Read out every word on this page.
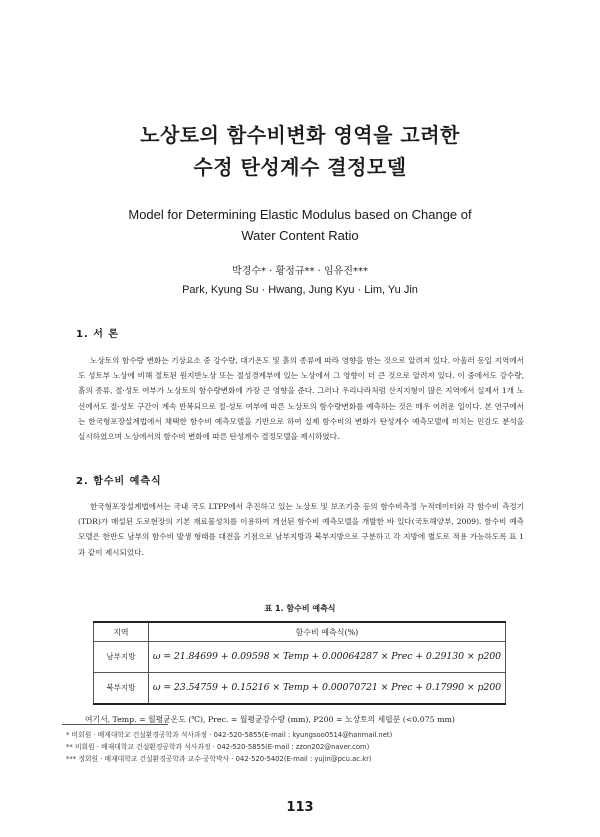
노상토의 함수비변화 영역을 고려한
수정 탄성계수 결정모델
Model for Determining Elastic Modulus based on Change of
Water Content Ratio
박경수* · 황정규** · 임유진***
Park, Kyung Su · Hwang, Jung Kyu · Lim, Yu Jin
1. 서 론
노상토의 함수량 변화는 기상요소 중 강수량, 대기온도 및 흙의 종류에 따라 영향을 받는 것으로 알려져 있다. 아울러 동일 지역에서도 성토부 노상에 비해 절토된 원지반노상 또는 절성경계부에 있는 노상에서 그 영향이 더 큰 것으로 알려져 있다. 이 중에서도 강수량, 흙의 종류, 절·성토 여부가 노상토의 함수량변화에 가장 큰 영향을 준다. 그러나 우리나라처럼 산지지형이 많은 지역에서 실제서 1개 노선에서도 절·성토 구간이 계속 반복되므로 절·성토 여부에 따른 노상토의 함수량변화를 예측하는 것은 매우 어려운 일이다. 본 연구에서는 한국형포장설계법에서 채택한 함수비 예측모델을 기반으로 하여 실제 함수비의 변화가 탄성계수 예측모델에 미치는 민감도 분석을 실시하였으며 노상에서의 함수비 변화에 따른 탄성계수 결정모델을 제시하였다.
2. 함수비 예측식
한국형포장설계법에서는 국내 국도 LTPP에서 추진하고 있는 노상토 및 보조기층 등의 함수비측정 누적데이터와 각 함수비 측정기(TDR)가 매설된 도로현장의 기본 재료물성치를 이용하여 개선된 함수비 예측모델을 개발한 바 있다(국토해양부, 2009). 함수비 예측모델은 한반도 남부의 함수비 발생 형태를 대전을 기점으로 남부지방과 북부지방으로 구분하고 각 지방에 별도로 적용 가능하도록 표 1과 같이 제시되었다.
표 1. 함수비 예측식
지역	함수비 예측식(%)
남부지방	ω = 21.84699 + 0.09598 × Temp + 0.00064287 × Prec + 0.29130 × p200
북부지방	ω = 23.54759 + 0.15216 × Temp + 0.00070721 × Prec + 0.17990 × p200
여기서, Temp. = 월평균온도 (℃), Prec. = 월평균강수량 (mm), P200 = 노상토의 세립분 (<0.075 mm)
* 비회원 · 배재대학교 건설환경공학과 석사과정 · 042-520-5855(E-mail : kyungsoo0514@hanmail.net)
** 비회원 · 배재대학교 건설환경공학과 석사과정 · 042-520-5855(E-mail : zzon202@naver.com)
*** 정회원 · 배재대학교 건설환경공학과 교수·공학박사 · 042-520-5402(E-mail : yujin@pcu.ac.kr)
113
